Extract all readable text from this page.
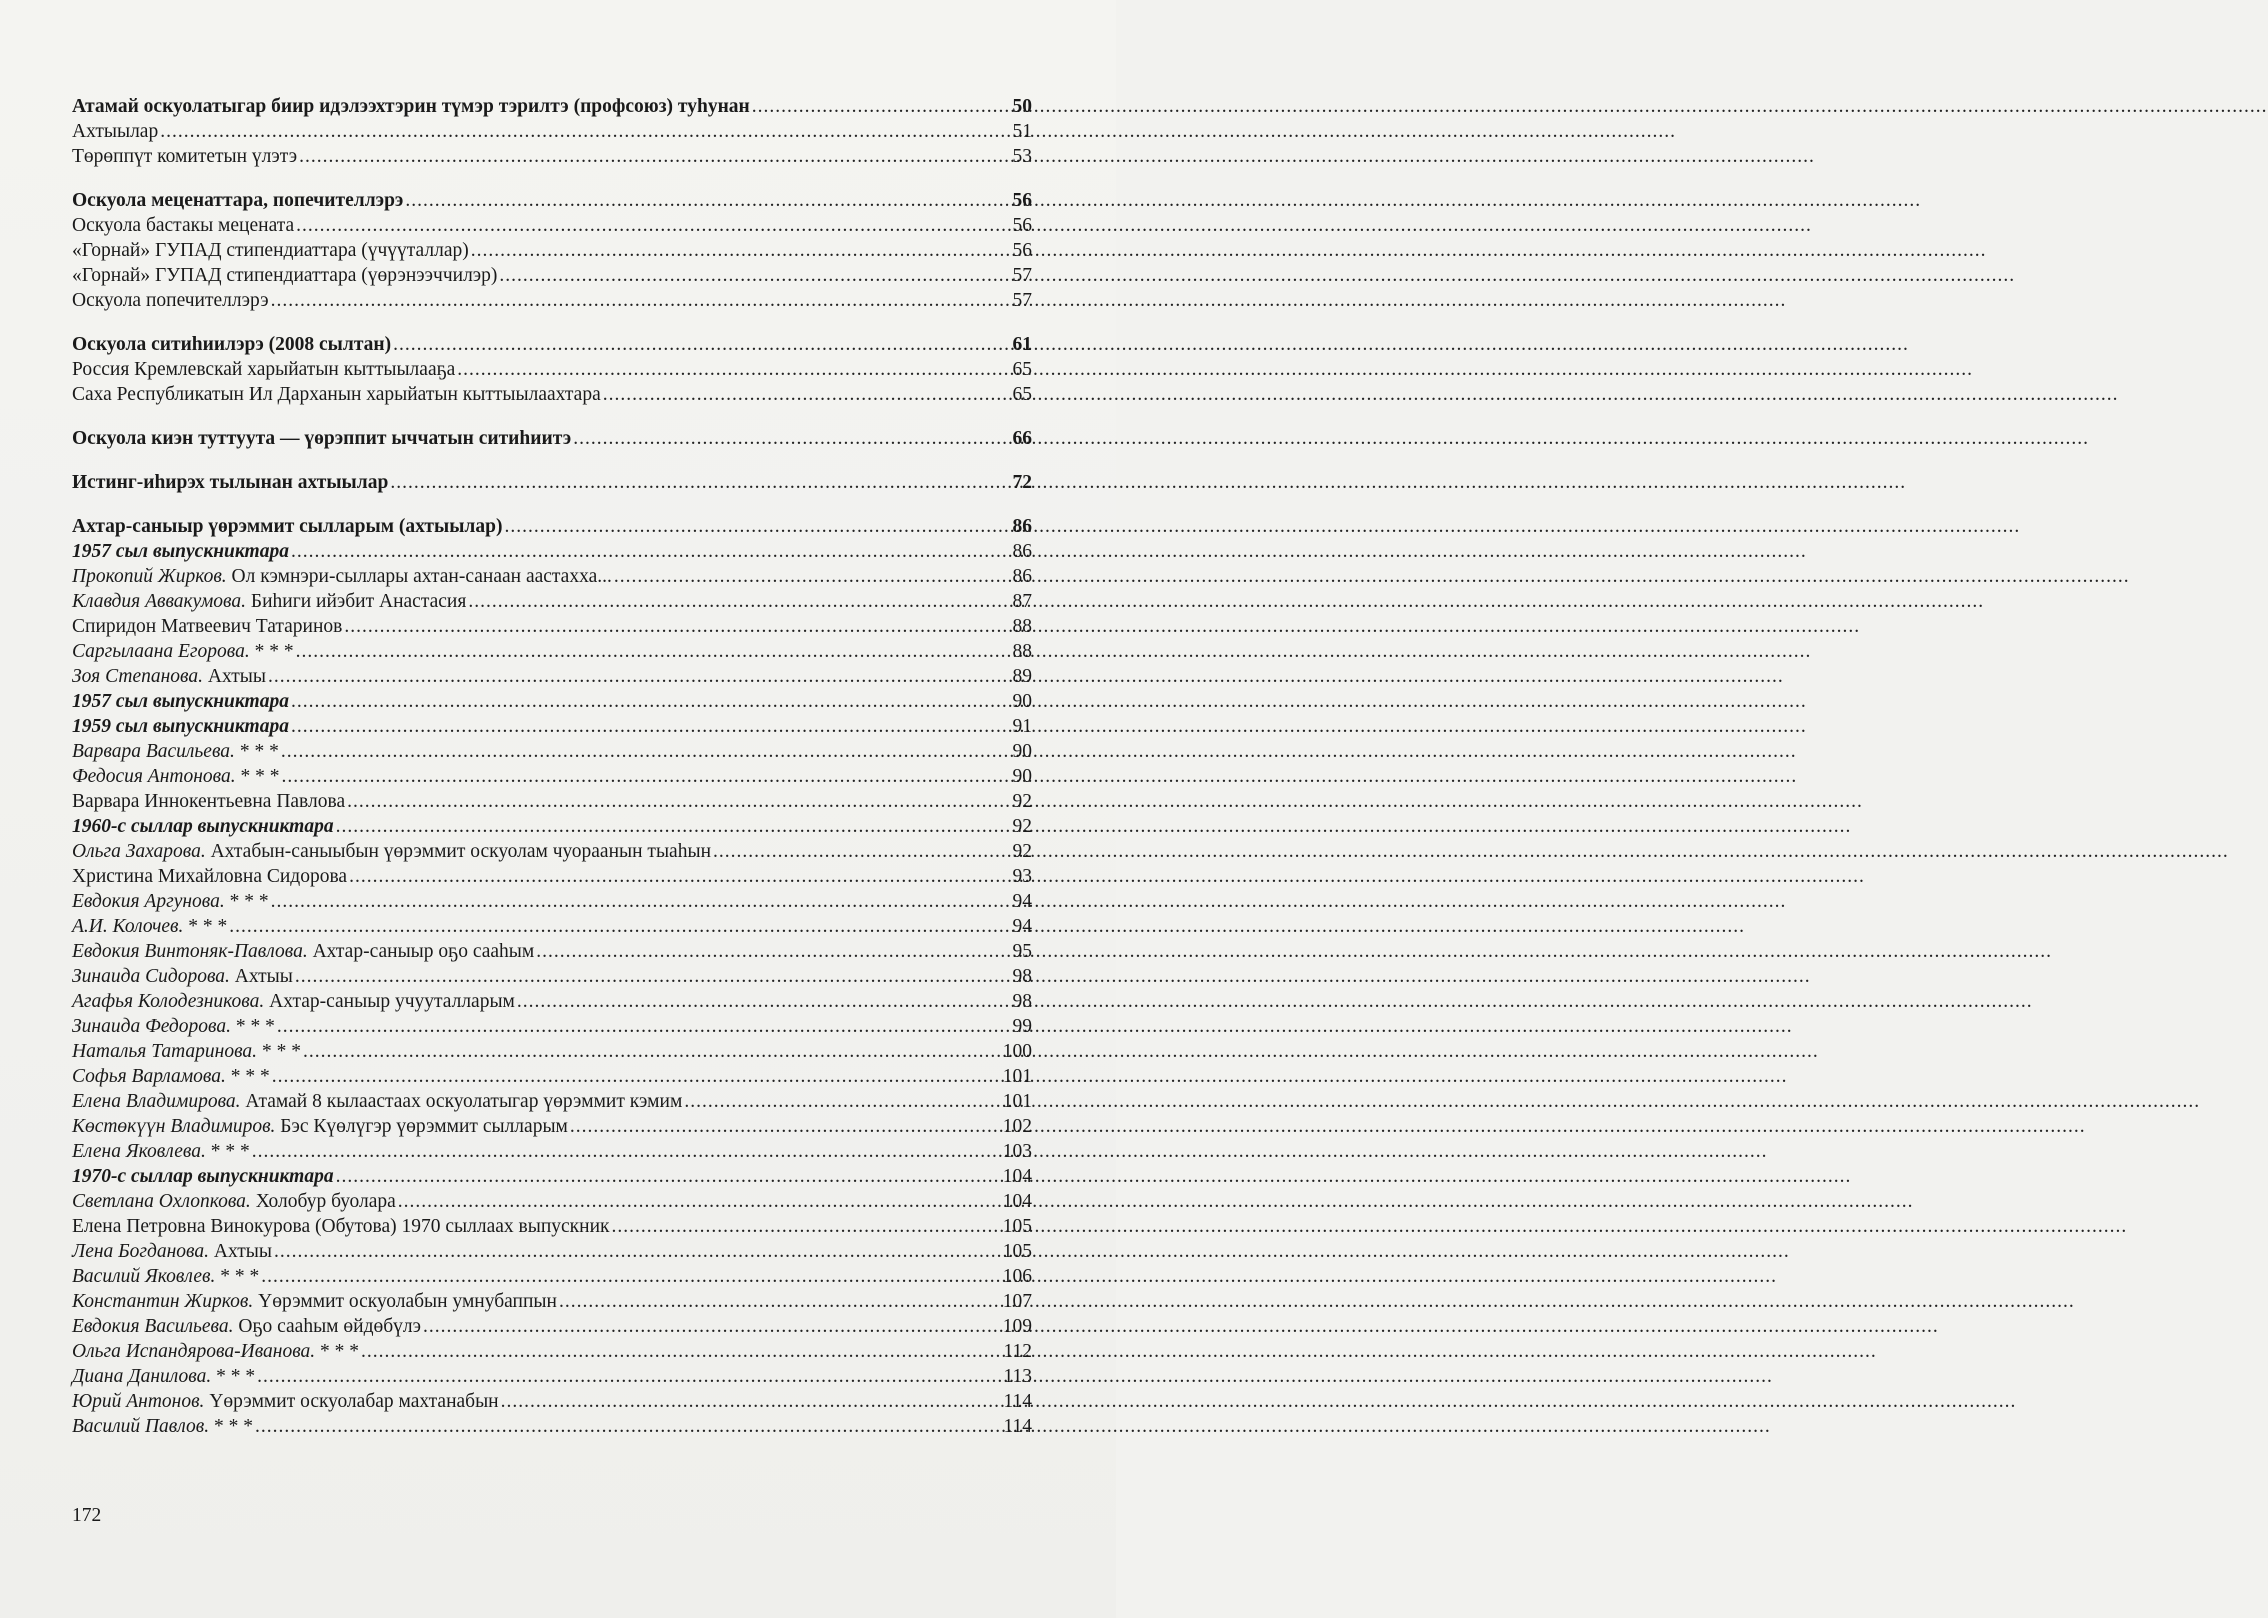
Атамай оскуолатыгар биир идэлээхтэрин түмэр тэрилтэ (профсоюз) туһунан .....	50
Ахтыылар .....	51
Төрөппүт комитетын үлэтэ .....	53
Оскуола меценаттара, попечителлэрэ .....	56
Оскуола бастакы мецената .....	56
«Горнай» ГУПАД стипендиаттара (үчүүталлар) .....	56
«Горнай» ГУПАД стипендиаттара (үөрэнээччилэр) .....	57
Оскуола попечителлэрэ .....	57
Оскуола ситиһиилэрэ (2008 сылтан) .....	61
Россия Кремлевскай харыйатын кыттыылааҕа .....	65
Саха Республикатын Ил Дарханын харыйатын кыттыылаахтара .....	65
Оскуола киэн туттуута — үөрэппит ыччатын ситиһиитэ .....	66
Истинг-иһирэх тылынан ахтыылар .....	72
Ахтар-саныыр үөрэммит сылларым (ахтыылар) .....	86
1957 сыл выпускниктара .....	86
Прокопий Жирков. Ол кэмнэри-сыллары ахтан-санаан аастахха... .....	86
Клавдия Аввакумова. Биһиги ийэбит Анастасия .....	87
Спиридон Матвеевич Татаринов .....	88
Саргылаана Егорова. * * * .....	88
Зоя Степанова. Ахтыы .....	89
1957 сыл выпускниктара .....	90
1959 сыл выпускниктара .....	91
Варвара Васильева. * * * .....	90
Федосия Антонова. * * * .....	90
Варвара Иннокентьевна Павлова .....	92
1960-с сыллар выпускниктара .....	92
Ольга Захарова. Ахтабын-саныыбын үөрэммит оскуолам чуораанын тыаһын .....	92
Христина Михайловна Сидорова .....	93
Евдокия Аргунова. * * * .....	94
А.И. Колочев. * * * .....	94
Евдокия Винтоняк-Павлова. Ахтар-саныыр оҕо сааһым .....	95
Зинаида Сидорова. Ахтыы .....	98
Агафья Колодезникова. Ахтар-саныыр учууталларым .....	98
Зинаида Федорова. * * * .....	99
Наталья Татаринова. * * * .....	100
Софья Варламова. * * * .....	101
Елена Владимирова. Атамай 8 кылаастаах оскуолатыгар үөрэммит кэмим .....	101
Көстөкүүн Владимиров. Бэс Күөлүгэр үөрэммит сылларым .....	102
Елена Яковлева. * * * .....	103
1970-с сыллар выпускниктара .....	104
Светлана Охлопкова. Холобур буолара .....	104
Елена Петровна Винокурова (Обутова) 1970 сыллаах выпускник .....	105
Лена Богданова. Ахтыы .....	105
Василий Яковлев. * * * .....	106
Константин Жирков. Үөрэммит оскуолабын умнубаппын .....	107
Евдокия Васильева. Оҕо сааһым өйдөбүлэ .....	109
Ольга Испандярова-Иванова. * * * .....	112
Диана Данилова. * * * .....	113
Юрий Антонов. Үөрэммит оскуолабар махтанабын .....	114
Василий Павлов. * * * .....	114
172
